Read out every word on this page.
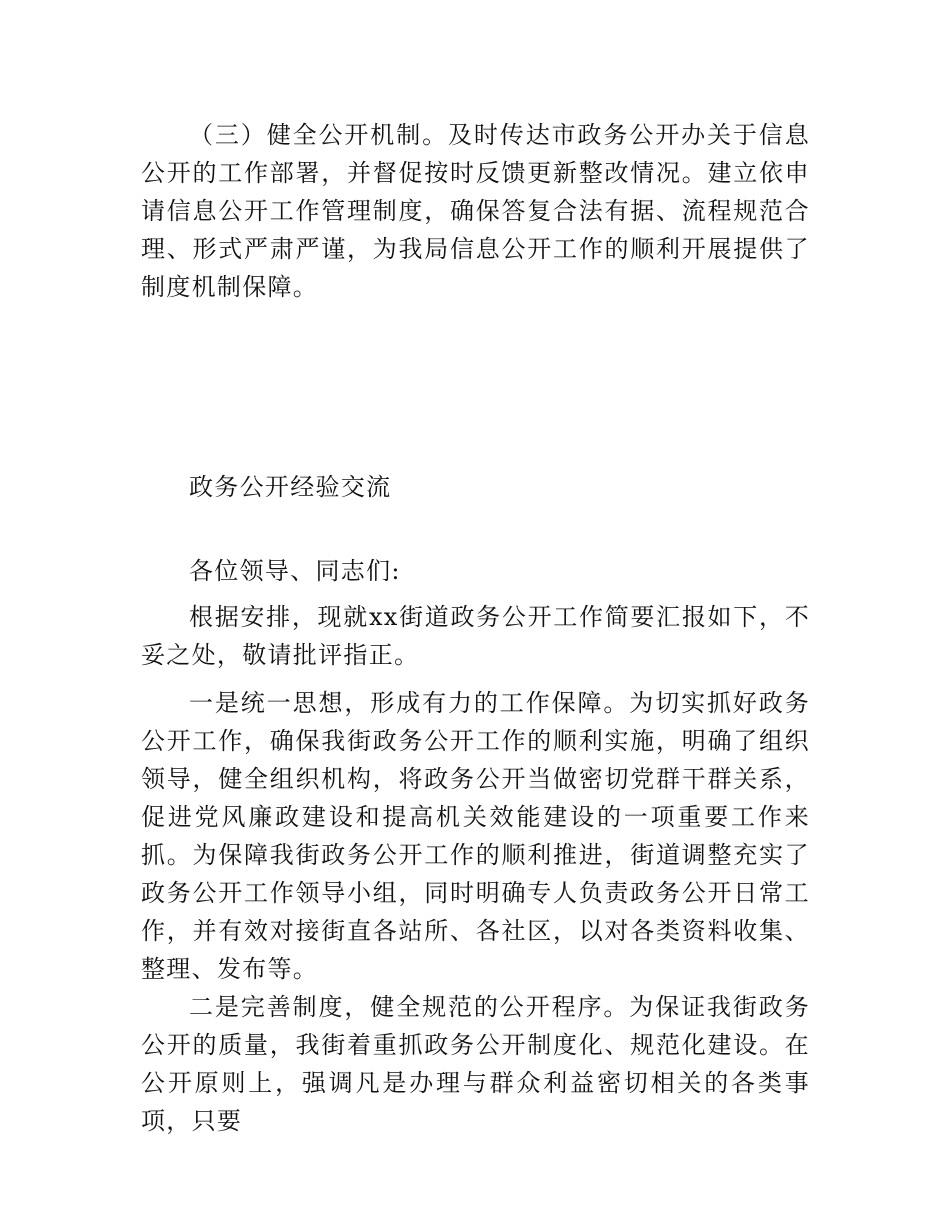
（三）健全公开机制。及时传达市政务公开办关于信息公开的工作部署，并督促按时反馈更新整改情况。建立依申请信息公开工作管理制度，确保答复合法有据、流程规范合理、形式严肃严谨，为我局信息公开工作的顺利开展提供了制度机制保障。

政务公开经验交流

各位领导、同志们:

根据安排，现就xx街道政务公开工作简要汇报如下，不妥之处，敬请批评指正。

一是统一思想，形成有力的工作保障。为切实抓好政务公开工作，确保我街政务公开工作的顺利实施，明确了组织领导，健全组织机构，将政务公开当做密切党群干群关系，促进党风廉政建设和提高机关效能建设的一项重要工作来抓。为保障我街政务公开工作的顺利推进，街道调整充实了政务公开工作领导小组，同时明确专人负责政务公开日常工作，并有效对接街直各站所、各社区，以对各类资料收集、整理、发布等。

二是完善制度，健全规范的公开程序。为保证我街政务公开的质量，我街着重抓政务公开制度化、规范化建设。在公开原则上，强调凡是办理与群众利益密切相关的各类事项，只要
